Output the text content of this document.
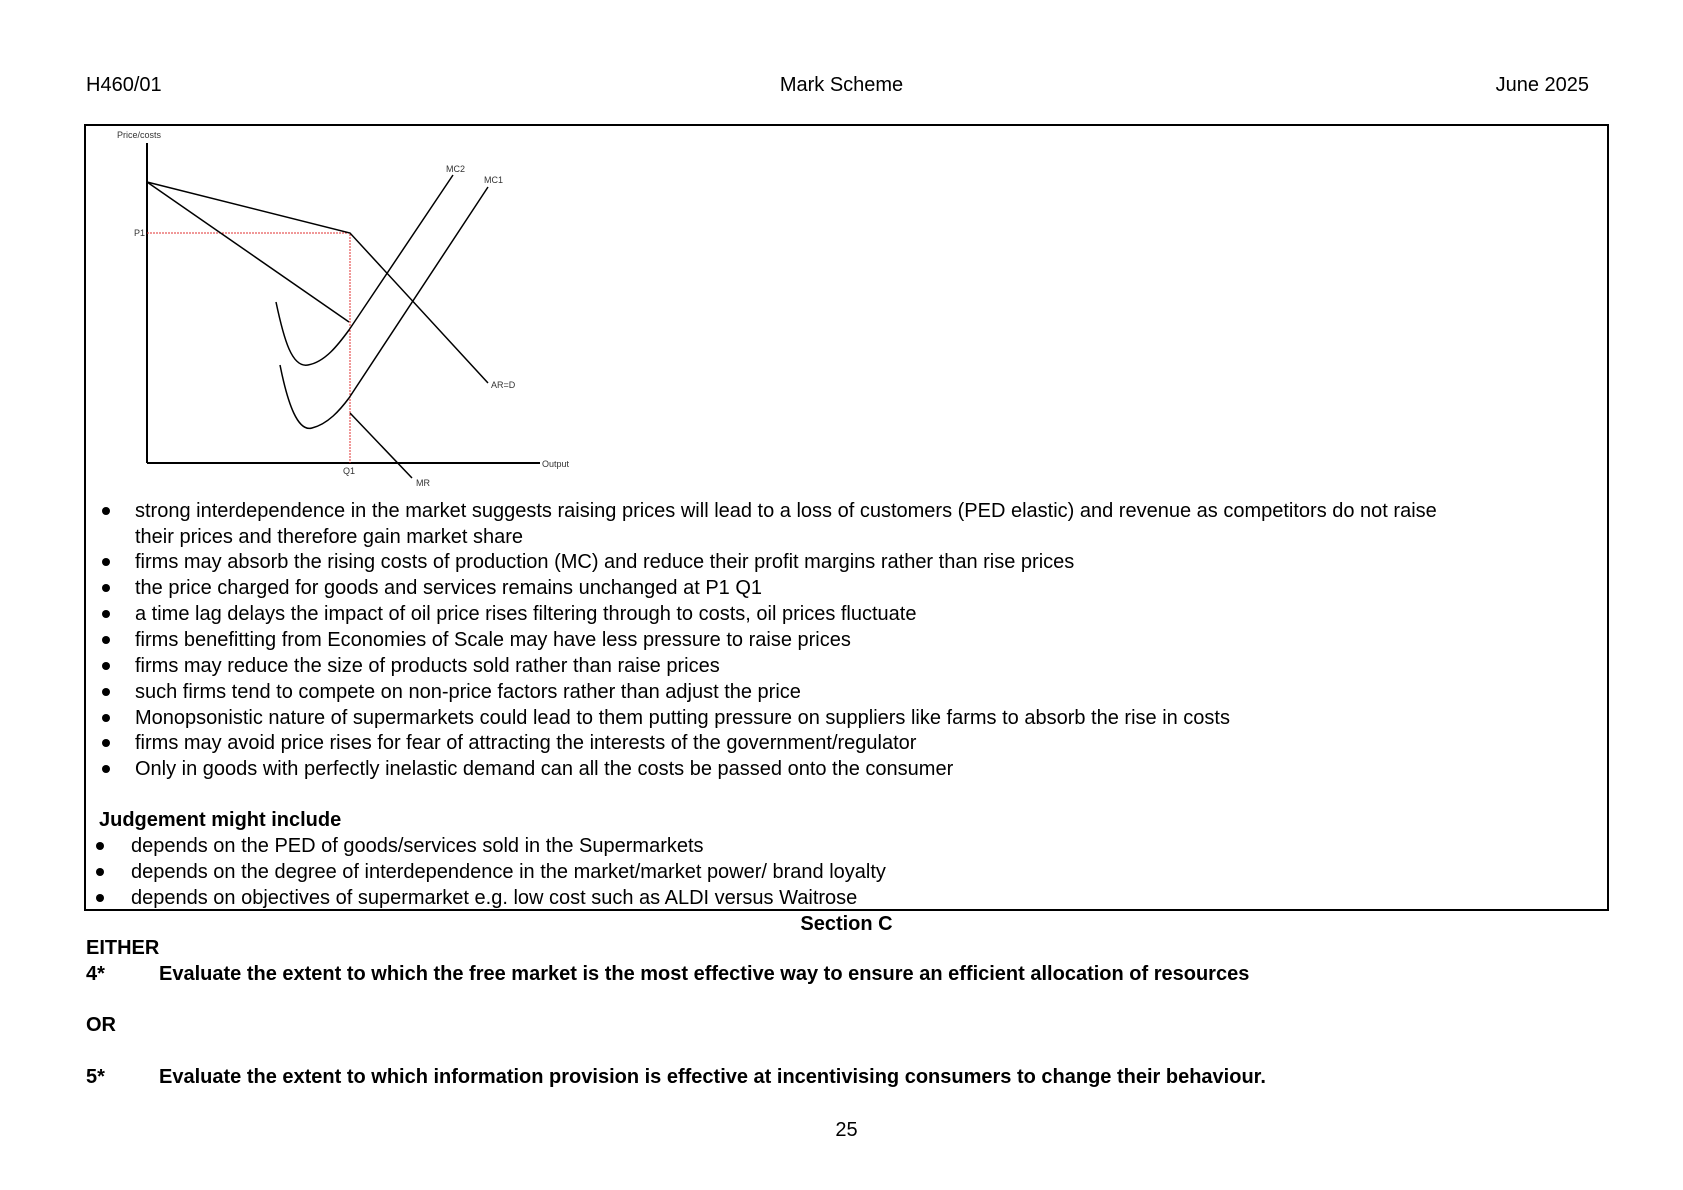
H460/01	Mark Scheme	June 2025
Price/costs
Output
P1
Q1
MC2
MC1
AR=D
MR
strong interdependence in the market suggests raising prices will lead to a loss of customers (PED elastic) and revenue as competitors do not raise
their prices and therefore gain market share
firms may absorb the rising costs of production (MC) and reduce their profit margins rather than rise prices
the price charged for goods and services remains unchanged at P1 Q1
a time lag delays the impact of oil price rises filtering through to costs, oil prices fluctuate
firms benefitting from Economies of Scale may have less pressure to raise prices
firms may reduce the size of products sold rather than raise prices
such firms tend to compete on non-price factors rather than adjust the price
Monopsonistic nature of supermarkets could lead to them putting pressure on suppliers like farms to absorb the rise in costs
firms may avoid price rises for fear of attracting the interests of the government/regulator
Only in goods with perfectly inelastic demand can all the costs be passed onto the consumer
Judgement might include
depends on the PED of goods/services sold in the Supermarkets
depends on the degree of interdependence in the market/market power/ brand loyalty
depends on objectives of supermarket e.g. low cost such as ALDI versus Waitrose
Section C
EITHER
4*	Evaluate the extent to which the free market is the most effective way to ensure an efficient allocation of resources
OR
5*	Evaluate the extent to which information provision is effective at incentivising consumers to change their behaviour.
25
